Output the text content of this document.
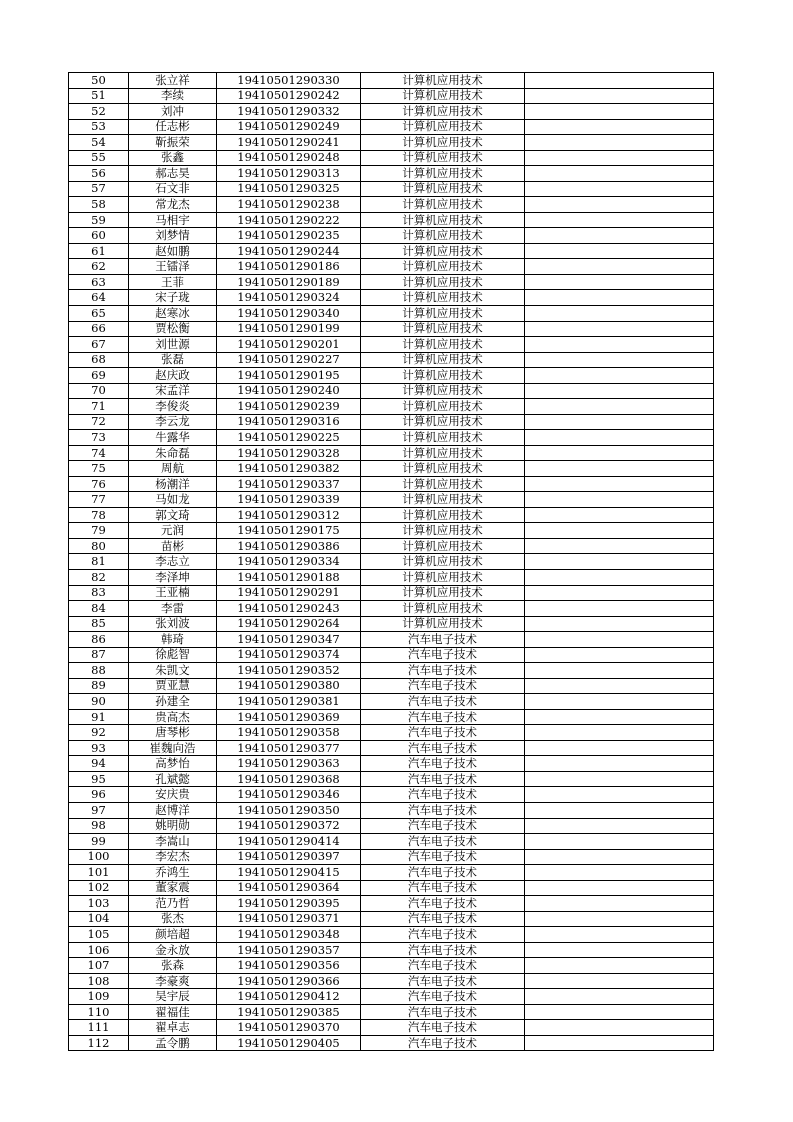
50	张立祥	19410501290330	计算机应用技术	
51	李续	19410501290242	计算机应用技术	
52	刘冲	19410501290332	计算机应用技术	
53	任志彬	19410501290249	计算机应用技术	
54	靳振荣	19410501290241	计算机应用技术	
55	张鑫	19410501290248	计算机应用技术	
56	郝志昊	19410501290313	计算机应用技术	
57	石文非	19410501290325	计算机应用技术	
58	常龙杰	19410501290238	计算机应用技术	
59	马相宇	19410501290222	计算机应用技术	
60	刘梦情	19410501290235	计算机应用技术	
61	赵如鹏	19410501290244	计算机应用技术	
62	王镭泽	19410501290186	计算机应用技术	
63	王菲	19410501290189	计算机应用技术	
64	宋子珑	19410501290324	计算机应用技术	
65	赵寒冰	19410501290340	计算机应用技术	
66	贾松衡	19410501290199	计算机应用技术	
67	刘世源	19410501290201	计算机应用技术	
68	张磊	19410501290227	计算机应用技术	
69	赵庆政	19410501290195	计算机应用技术	
70	宋孟洋	19410501290240	计算机应用技术	
71	李俊炎	19410501290239	计算机应用技术	
72	李云龙	19410501290316	计算机应用技术	
73	牛露华	19410501290225	计算机应用技术	
74	朱命磊	19410501290328	计算机应用技术	
75	周航	19410501290382	计算机应用技术	
76	杨潮洋	19410501290337	计算机应用技术	
77	马如龙	19410501290339	计算机应用技术	
78	郭文琦	19410501290312	计算机应用技术	
79	元润	19410501290175	计算机应用技术	
80	苗彬	19410501290386	计算机应用技术	
81	李志立	19410501290334	计算机应用技术	
82	李泽坤	19410501290188	计算机应用技术	
83	王亚楠	19410501290291	计算机应用技术	
84	李雷	19410501290243	计算机应用技术	
85	张刘波	19410501290264	计算机应用技术	
86	韩琦	19410501290347	汽车电子技术	
87	徐彪智	19410501290374	汽车电子技术	
88	朱凯文	19410501290352	汽车电子技术	
89	贾亚慧	19410501290380	汽车电子技术	
90	孙建全	19410501290381	汽车电子技术	
91	贵高杰	19410501290369	汽车电子技术	
92	唐琴彬	19410501290358	汽车电子技术	
93	崔魏向浩	19410501290377	汽车电子技术	
94	高梦怡	19410501290363	汽车电子技术	
95	孔斌懿	19410501290368	汽车电子技术	
96	安庆贵	19410501290346	汽车电子技术	
97	赵博洋	19410501290350	汽车电子技术	
98	姚明勋	19410501290372	汽车电子技术	
99	李嵩山	19410501290414	汽车电子技术	
100	李宏杰	19410501290397	汽车电子技术	
101	乔鸿生	19410501290415	汽车电子技术	
102	董家震	19410501290364	汽车电子技术	
103	范乃哲	19410501290395	汽车电子技术	
104	张杰	19410501290371	汽车电子技术	
105	颜培超	19410501290348	汽车电子技术	
106	金永放	19410501290357	汽车电子技术	
107	张森	19410501290356	汽车电子技术	
108	李豪爽	19410501290366	汽车电子技术	
109	吴宇辰	19410501290412	汽车电子技术	
110	翟福佳	19410501290385	汽车电子技术	
111	翟卓志	19410501290370	汽车电子技术	
112	孟令鹏	19410501290405	汽车电子技术	
